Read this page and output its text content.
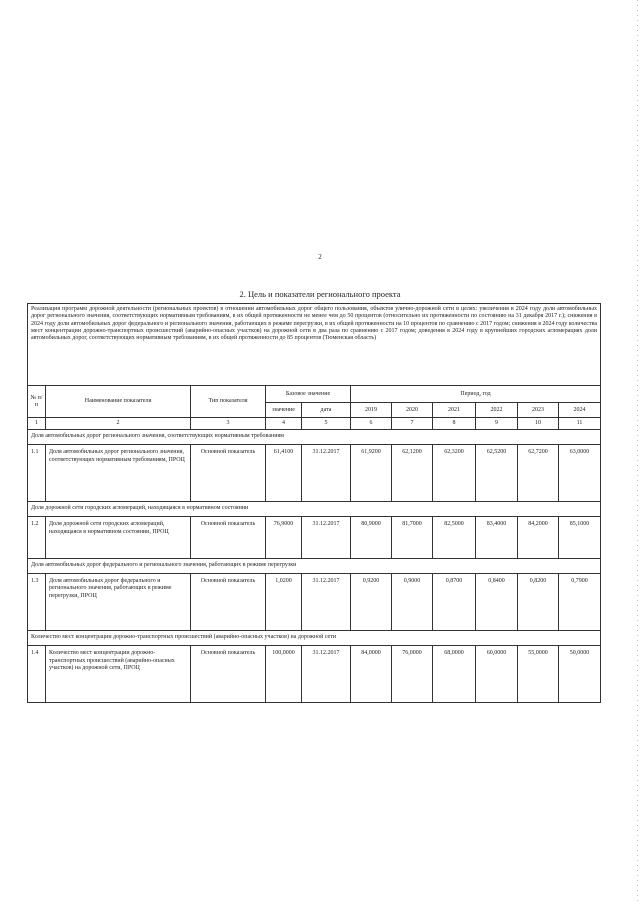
2
2. Цель и показатели регионального проекта
Реализация программ дорожной деятельности (региональных проектов) в отношении автомобильных дорог общего пользования, объектов улично-дорожной сети в целях: увеличения в 2024 году доли автомобильных дорог регионального значения, соответствующих нормативным требованиям, в их общей протяженности не менее чем до 50 процентов (относительно их протяженности по состоянию на 31 декабря 2017 г.); снижения в 2024 году доли автомобильных дорог федерального и регионального значения, работающих в режиме перегрузки, в их общей протяженности на 10 процентов по сравнению с 2017 годом; снижения в 2024 году количества мест концентрации дорожно-транспортных происшествий (аварийно-опасных участков) на дорожной сети в два раза по сравнению с 2017 годом; доведения в 2024 году в крупнейших городских агломерациях доли автомобильных дорог, соответствующих нормативным требованиям, в их общей протяженности до 85 процентов (Тюменская область)										
№ п/п	Наименование показателя	Тип показателя	Базовое значение		Период, год					
			значение	дата	2019	2020	2021	2022	2023	2024
1	2	3	4	5	6	7	8	9	10	11
Доля автомобильных дорог регионального значения, соответствующих нормативным требованиям										
1.1	Доля автомобильных дорог регионального значения, соответствующих нормативным требованиям, ПРОЦ	Основной показатель	61,4100	31.12.2017	61,9200	62,1200	62,3200	62,5200	62,7200	63,0000
Доля дорожной сети городских агломераций, находящаяся в нормативном состоянии										
1.2	Доля дорожной сети городских агломераций, находящаяся в нормативном состоянии, ПРОЦ	Основной показатель	76,9000	31.12.2017	80,9000	81,7000	82,5000	83,4000	84,2000	85,1000
Доля автомобильных дорог федерального и регионального значения, работающих в режиме перегрузки										
1.3	Доля автомобильных дорог федерального и регионального значения, работающих в режиме перегрузки, ПРОЦ	Основной показатель	1,0200	31.12.2017	0,9200	0,9000	0,8700	0,8400	0,8200	0,7900
Количество мест концентрации дорожно-транспортных происшествий (аварийно-опасных участков) на дорожной сети										
1.4	Количество мест концентрации дорожно-транспортных происшествий (аварийно-опасных участков) на дорожной сети, ПРОЦ	Основной показатель	100,0000	31.12.2017	84,0000	76,0000	68,0000	60,0000	55,0000	50,0000
